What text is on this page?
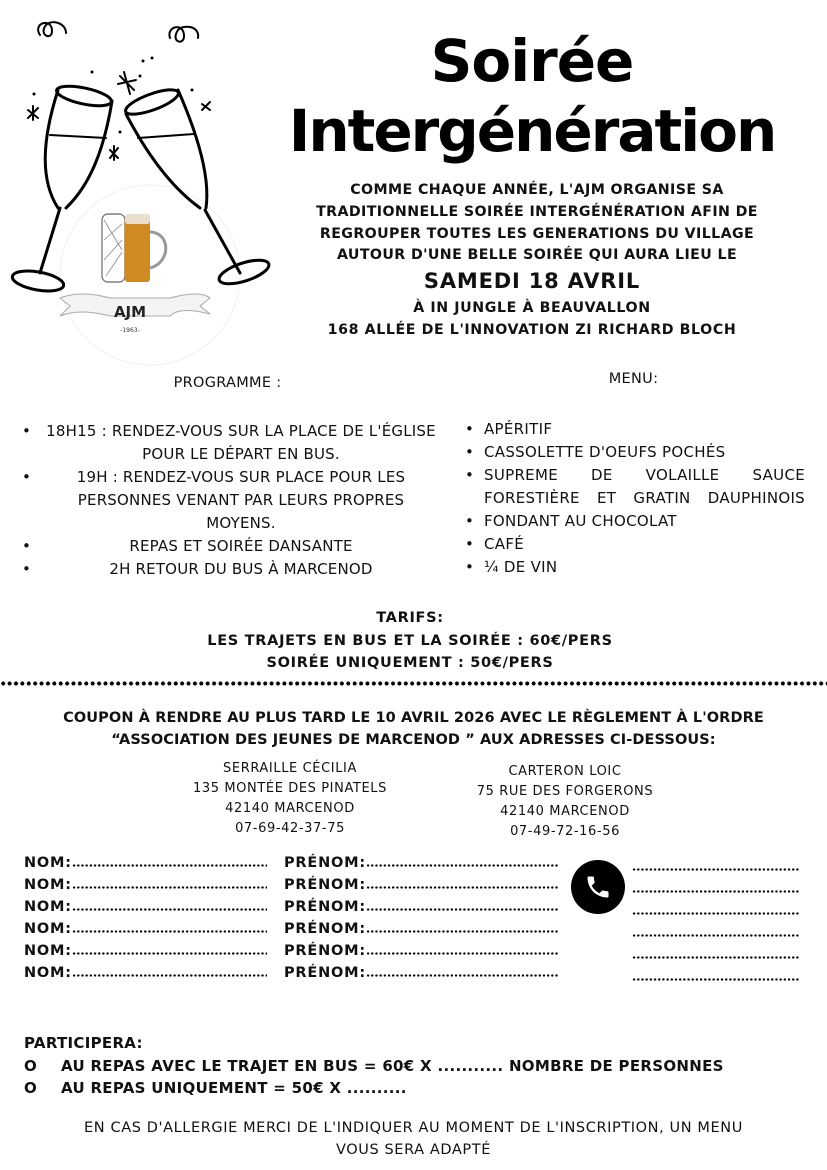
AJM
-1963-
Soirée
Intergénération
COMME CHAQUE ANNÉE, L'AJM ORGANISE SA
TRADITIONNELLE SOIRÉE INTERGÉNÉRATION AFIN DE
REGROUPER TOUTES LES GENERATIONS DU VILLAGE
AUTOUR D'UNE BELLE SOIRÉE QUI AURA LIEU LE
SAMEDI 18 AVRIL
À IN JUNGLE À BEAUVALLON
168 ALLÉE DE L'INNOVATION ZI RICHARD BLOCH
PROGRAMME :
• 18H15 : RENDEZ-VOUS SUR LA PLACE DE L'ÉGLISE POUR LE DÉPART EN BUS.
•	19H : RENDEZ-VOUS SUR PLACE POUR LES PERSONNES VENANT PAR LEURS PROPRES MOYENS.
•	REPAS ET SOIRÉE DANSANTE
•	2H RETOUR DU BUS À MARCENOD
MENU:
• APÉRITIF
• CASSOLETTE D'OEUFS POCHÉS
• SUPREME DE VOLAILLE SAUCE FORESTIÈRE ET GRATIN DAUPHINOIS
• FONDANT AU CHOCOLAT
• CAFÉ
• ¼ DE VIN
TARIFS:
LES TRAJETS EN BUS ET LA SOIRÉE : 60€/PERS
SOIRÉE UNIQUEMENT : 50€/PERS
COUPON À RENDRE AU PLUS TARD LE 10 AVRIL 2026 AVEC LE RÈGLEMENT À L'ORDRE
“ASSOCIATION DES JEUNES DE MARCENOD ” AUX ADRESSES CI-DESSOUS:
SERRAILLE CÉCILIA
135 MONTÉE DES PINATELS
42140 MARCENOD
07-69-42-37-75
CARTERON LOIC
75 RUE DES FORGERONS
42140 MARCENOD
07-49-72-16-56
NOM:	PRÉNOM:
NOM:	PRÉNOM:
NOM:	PRÉNOM:
NOM:	PRÉNOM:
NOM:	PRÉNOM:
NOM:	PRÉNOM:
PARTICIPERA:
O AU REPAS AVEC LE TRAJET EN BUS = 60€ X ........... NOMBRE DE PERSONNES
O AU REPAS UNIQUEMENT = 50€ X ..........
EN CAS D'ALLERGIE MERCI DE L'INDIQUER AU MOMENT DE L'INSCRIPTION, UN MENU
VOUS SERA ADAPTÉ
